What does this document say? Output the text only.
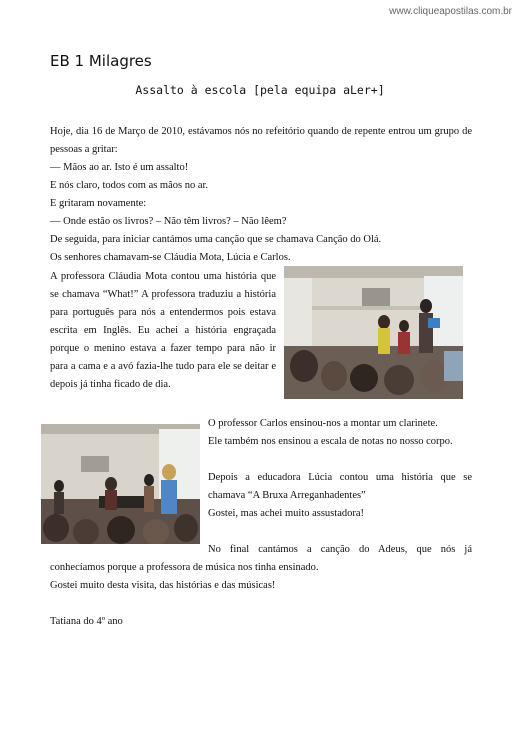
www.cliqueapostilas.com.br
EB 1 Milagres
Assalto à escola [pela equipa aLer+]
Hoje, dia 16 de Março de 2010, estávamos nós no refeitório quando de repente entrou um grupo de
pessoas a gritar:
— Mãos ao ar. Isto é um assalto!
E nós claro, todos com as mãos no ar.
E gritaram novamente:
— Onde estão os livros? – Não têm livros? – Não lêem?
De seguida, para iniciar cantámos uma canção que se chamava Canção do Olá.
Os senhores chamavam-se Cláudia Mota, Lúcia e Carlos.
A professora Cláudia Mota contou uma história que
se chamava “What!” A professora traduziu a história
para português para nós a entendermos pois estava
escrita em Inglês. Eu achei a história engraçada
porque o menino estava a fazer tempo para não ir
para a cama e a avó fazia-lhe tudo para ele se deitar e
depois já tinha ficado de dia.
O professor Carlos ensinou-nos a montar um clarinete.
Ele também nos ensinou a escala de notas no nosso corpo.
Depois a educadora Lúcia contou uma história que se
chamava “A Bruxa Arreganhadentes”
Gostei, mas achei muito assustadora!
No final cantámos a canção do Adeus, que nós já
conhecíamos porque a professora de música nos tinha ensinado.
Gostei muito desta visita, das histórias e das músicas!
Tatiana do 4º ano
